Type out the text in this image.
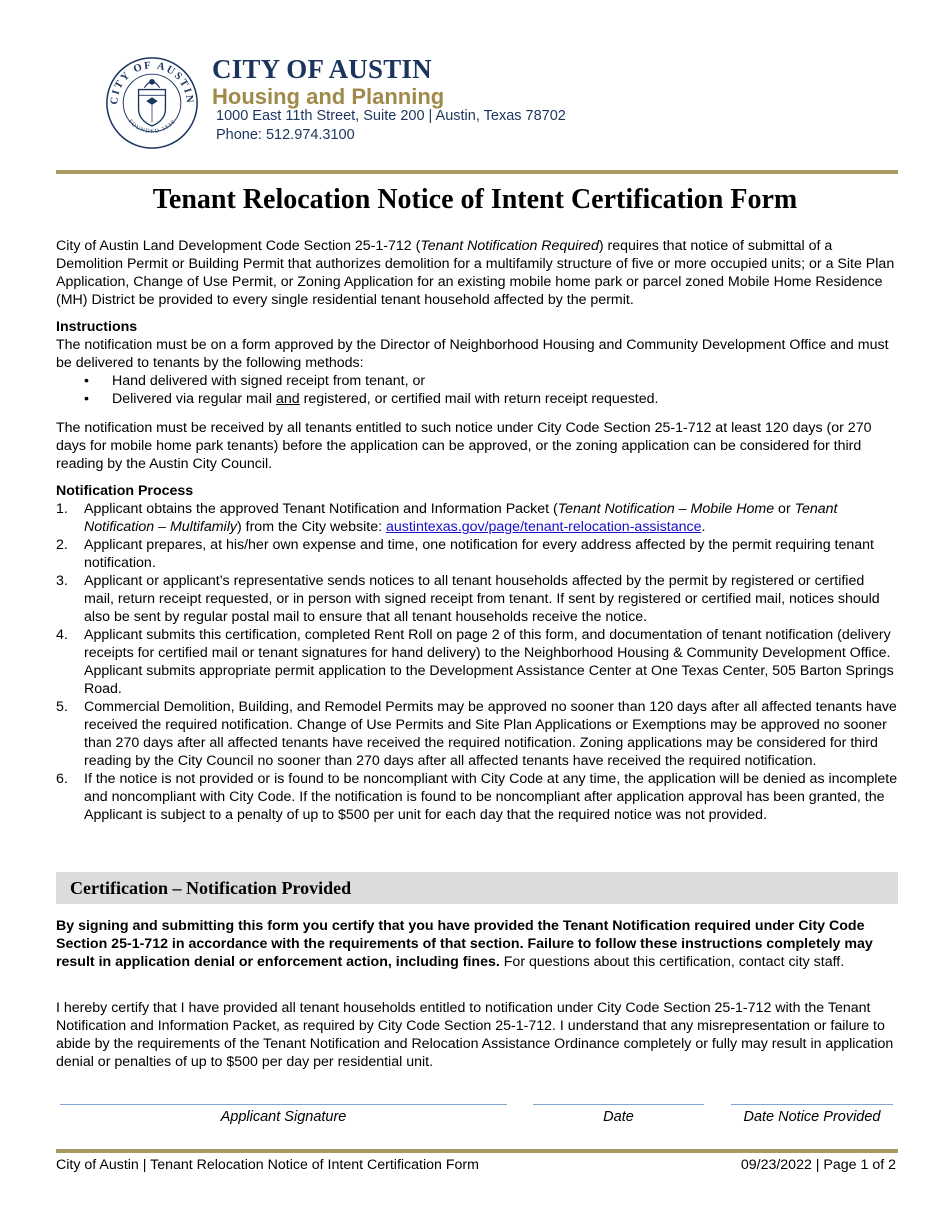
CITY OF AUSTIN
FOUNDED 1839
CITY OF AUSTIN
Housing and Planning
1000 East 11th Street, Suite 200 | Austin, Texas 78702
Phone: 512.974.3100
Tenant Relocation Notice of Intent Certification Form

City of Austin Land Development Code Section 25-1-712 (Tenant Notification Required) requires that notice of submittal of a Demolition Permit or Building Permit that authorizes demolition for a multifamily structure of five or more occupied units; or a Site Plan Application, Change of Use Permit, or Zoning Application for an existing mobile home park or parcel zoned Mobile Home Residence (MH) District be provided to every single residential tenant household affected by the permit.

Instructions

The notification must be on a form approved by the Director of Neighborhood Housing and Community Development Office and must be delivered to tenants by the following methods:

• Hand delivered with signed receipt from tenant, or
• Delivered via regular mail and registered, or certified mail with return receipt requested.
The notification must be received by all tenants entitled to such notice under City Code Section 25-1-712 at least 120 days (or 270 days for mobile home park tenants) before the application can be approved, or the zoning application can be considered for third reading by the Austin City Council.

Notification Process

1. Applicant obtains the approved Tenant Notification and Information Packet (Tenant Notification – Mobile Home or Tenant Notification – Multifamily) from the City website: austintexas.gov/page/tenant-relocation-assistance.
2. Applicant prepares, at his/her own expense and time, one notification for every address affected by the permit requiring tenant notification.
3. Applicant or applicant’s representative sends notices to all tenant households affected by the permit by registered or certified mail, return receipt requested, or in person with signed receipt from tenant. If sent by registered or certified mail, notices should also be sent by regular postal mail to ensure that all tenant households receive the notice.
4. Applicant submits this certification, completed Rent Roll on page 2 of this form, and documentation of tenant notification (delivery receipts for certified mail or tenant signatures for hand delivery) to the Neighborhood Housing & Community Development Office. Applicant submits appropriate permit application to the Development Assistance Center at One Texas Center, 505 Barton Springs Road.
5. Commercial Demolition, Building, and Remodel Permits may be approved no sooner than 120 days after all affected tenants have received the required notification. Change of Use Permits and Site Plan Applications or Exemptions may be approved no sooner than 270 days after all affected tenants have received the required notification. Zoning applications may be considered for third reading by the City Council no sooner than 270 days after all affected tenants have received the required notification.
6. If the notice is not provided or is found to be noncompliant with City Code at any time, the application will be denied as incomplete and noncompliant with City Code. If the notification is found to be noncompliant after application approval has been granted, the Applicant is subject to a penalty of up to $500 per unit for each day that the required notice was not provided.
Certification – Notification Provided

By signing and submitting this form you certify that you have provided the Tenant Notification required under City Code Section 25-1-712 in accordance with the requirements of that section. Failure to follow these instructions completely may result in application denial or enforcement action, including fines. For questions about this certification, contact city staff.

I hereby certify that I have provided all tenant households entitled to notification under City Code Section 25-1-712 with the Tenant Notification and Information Packet, as required by City Code Section 25-1-712. I understand that any misrepresentation or failure to abide by the requirements of the Tenant Notification and Relocation Assistance Ordinance completely or fully may result in application denial or penalties of up to $500 per day per residential unit.
Applicant Signature	Date	Date Notice Provided
City of Austin | Tenant Relocation Notice of Intent Certification Form	09/23/2022 | Page 1 of 2
